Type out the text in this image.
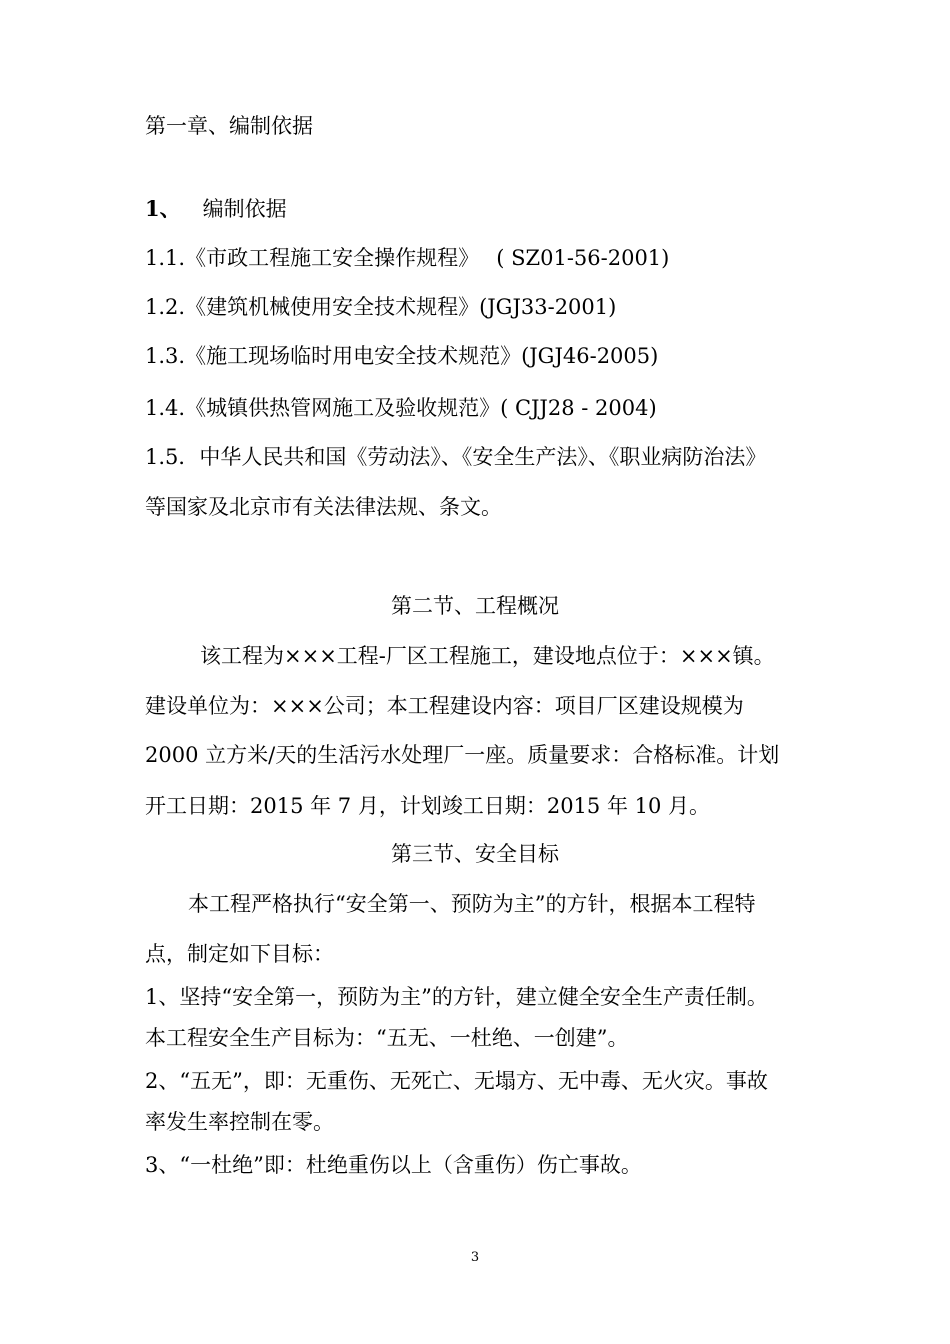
第一章、编制依据
1、 编制依据
1.1.《市政工程施工安全操作规程》　 ( SZ01-56-2001)
1.2.《建筑机械使用安全技术规程》(JGJ33-2001)
1.3.《施工现场临时用电安全技术规范》(JGJ46-2005)
1.4.《城镇供热管网施工及验收规范》( CJJ28 - 2004)
1.5．中华人民共和国《劳动法》、《安全生产法》、《职业病防治法》
等国家及北京市有关法律法规、条文。
第二节、工程概况
该工程为×××工程-厂区工程施工，建设地点位于：×××镇。
建设单位为：×××公司；本工程建设内容：项目厂区建设规模为
2000 立方米/天的生活污水处理厂一座。质量要求：合格标准。计划
开工日期：2015 年 7 月，计划竣工日期：2015 年 10 月。
第三节、安全目标
本工程严格执行“安全第一、预防为主”的方针，根据本工程特
点，制定如下目标：
1、坚持“安全第一，预防为主”的方针，建立健全安全生产责任制。
本工程安全生产目标为：“五无、一杜绝、一创建”。
2、“五无”，即：无重伤、无死亡、无塌方、无中毒、无火灾。事故
率发生率控制在零。
3、“一杜绝”即：杜绝重伤以上（含重伤）伤亡事故。
3
